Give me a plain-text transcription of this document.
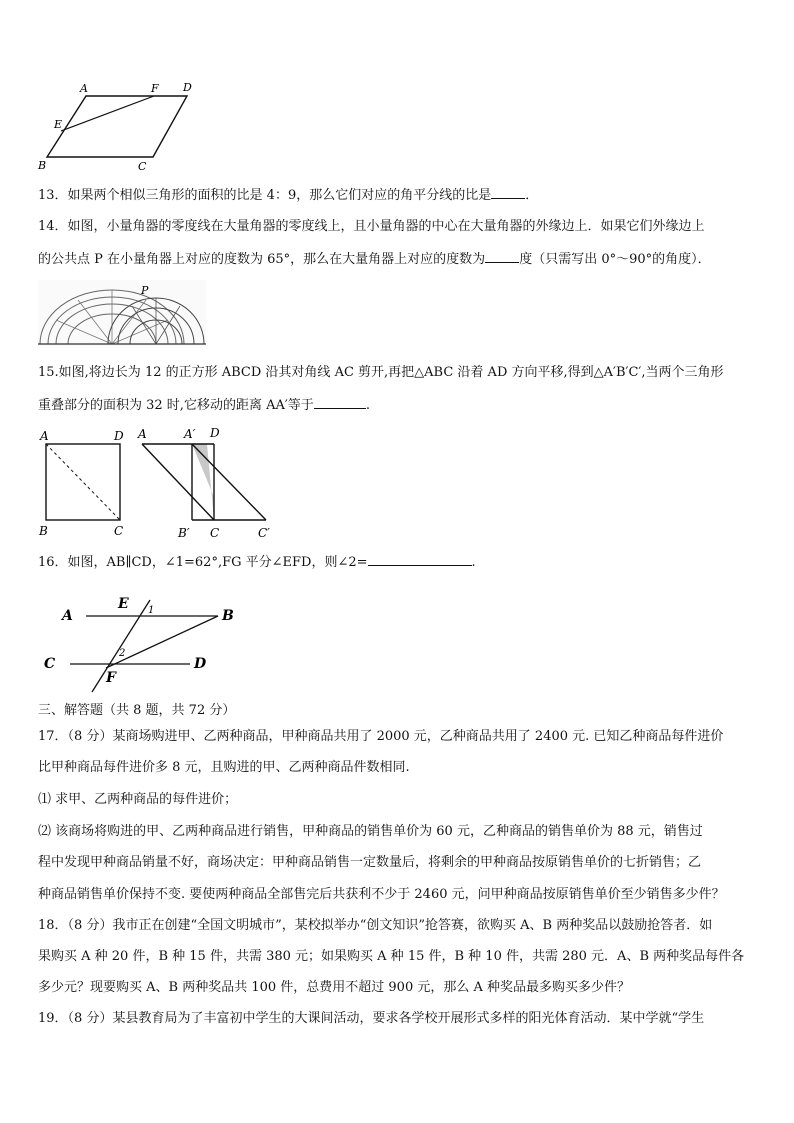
A	F D
E
B	C
13．如果两个相似三角形的面积的比是 4：9，那么它们对应的角平分线的比是	．
14．如图，小量角器的零度线在大量角器的零度线上，且小量角器的中心在大量角器的外缘边上．如果它们外缘边上
的公共点 P 在小量角器上对应的度数为 65°，那么在大量角器上对应的度数为	度（只需写出 0°～90°的角度）．
P
15.如图,将边长为 12 的正方形 ABCD 沿其对角线 AC 剪开,再把△ABC 沿着 AD 方向平移,得到△A′B′C′,当两个三角形
重叠部分的面积为 32 时,它移动的距离 AA′等于	.
A	D
B	C
A	A′ D
B′ C	C′
16．如图，AB∥CD，∠1=62°,FG 平分∠EFD，则∠2=	.
A
E 1	B
C
2
D
F
三、解答题（共 8 题，共 72 分）
17．（8 分）某商场购进甲、乙两种商品，甲种商品共用了 2000 元，乙种商品共用了 2400 元. 已知乙种商品每件进价
比甲种商品每件进价多 8 元，且购进的甲、乙两种商品件数相同.
⑴ 求甲、乙两种商品的每件进价；
⑵ 该商场将购进的甲、乙两种商品进行销售，甲种商品的销售单价为 60 元，乙种商品的销售单价为 88 元，销售过
程中发现甲种商品销量不好，商场决定：甲种商品销售一定数量后，将剩余的甲种商品按原销售单价的七折销售；乙
种商品销售单价保持不变. 要使两种商品全部售完后共获利不少于 2460 元，问甲种商品按原销售单价至少销售多少件？
18．（8 分）我市正在创建“全国文明城市”，某校拟举办“创文知识”抢答赛，欲购买 A、B 两种奖品以鼓励抢答者．如
果购买 A 种 20 件，B 种 15 件，共需 380 元；如果购买 A 种 15 件，B 种 10 件，共需 280 元．A、B 两种奖品每件各
多少元？现要购买 A、B 两种奖品共 100 件，总费用不超过 900 元，那么 A 种奖品最多购买多少件？
19．（8 分）某县教育局为了丰富初中学生的大课间活动，要求各学校开展形式多样的阳光体育活动．某中学就“学生
